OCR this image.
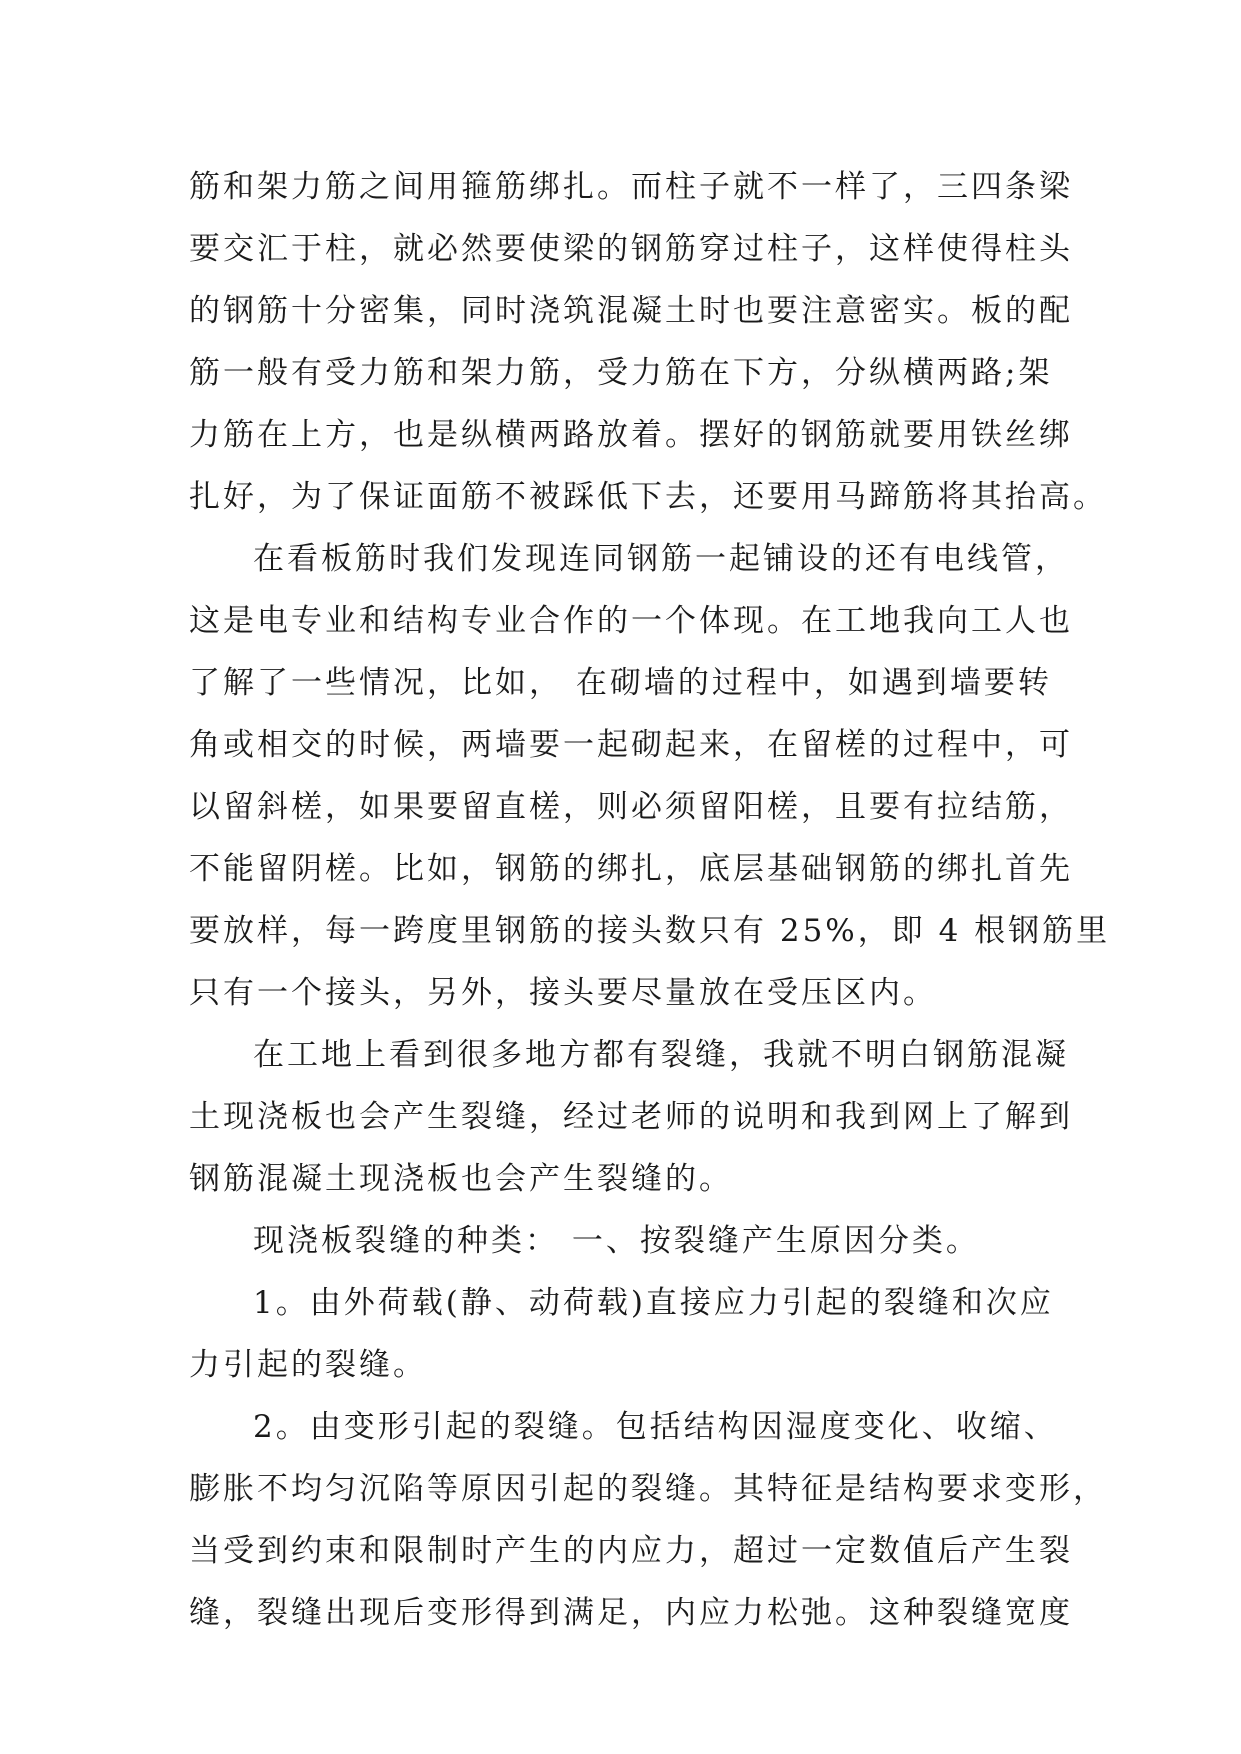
筋和架力筋之间用箍筋绑扎。而柱子就不一样了，三四条梁
要交汇于柱，就必然要使梁的钢筋穿过柱子，这样使得柱头
的钢筋十分密集，同时浇筑混凝土时也要注意密实。板的配
筋一般有受力筋和架力筋，受力筋在下方，分纵横两路;架
力筋在上方，也是纵横两路放着。摆好的钢筋就要用铁丝绑
扎好，为了保证面筋不被踩低下去，还要用马蹄筋将其抬高。
在看板筋时我们发现连同钢筋一起铺设的还有电线管，
这是电专业和结构专业合作的一个体现。在工地我向工人也
了解了一些情况，比如， 在砌墙的过程中，如遇到墙要转
角或相交的时候，两墙要一起砌起来，在留槎的过程中，可
以留斜槎，如果要留直槎，则必须留阳槎，且要有拉结筋，
不能留阴槎。比如，钢筋的绑扎，底层基础钢筋的绑扎首先
要放样，每一跨度里钢筋的接头数只有 25%，即 4 根钢筋里
只有一个接头，另外，接头要尽量放在受压区内。
在工地上看到很多地方都有裂缝，我就不明白钢筋混凝
土现浇板也会产生裂缝，经过老师的说明和我到网上了解到
钢筋混凝土现浇板也会产生裂缝的。
现浇板裂缝的种类： 一、按裂缝产生原因分类。
1。由外荷载(静、动荷载)直接应力引起的裂缝和次应
力引起的裂缝。
2。由变形引起的裂缝。包括结构因湿度变化、收缩、
膨胀不均匀沉陷等原因引起的裂缝。其特征是结构要求变形，
当受到约束和限制时产生的内应力，超过一定数值后产生裂
缝，裂缝出现后变形得到满足，内应力松弛。这种裂缝宽度
